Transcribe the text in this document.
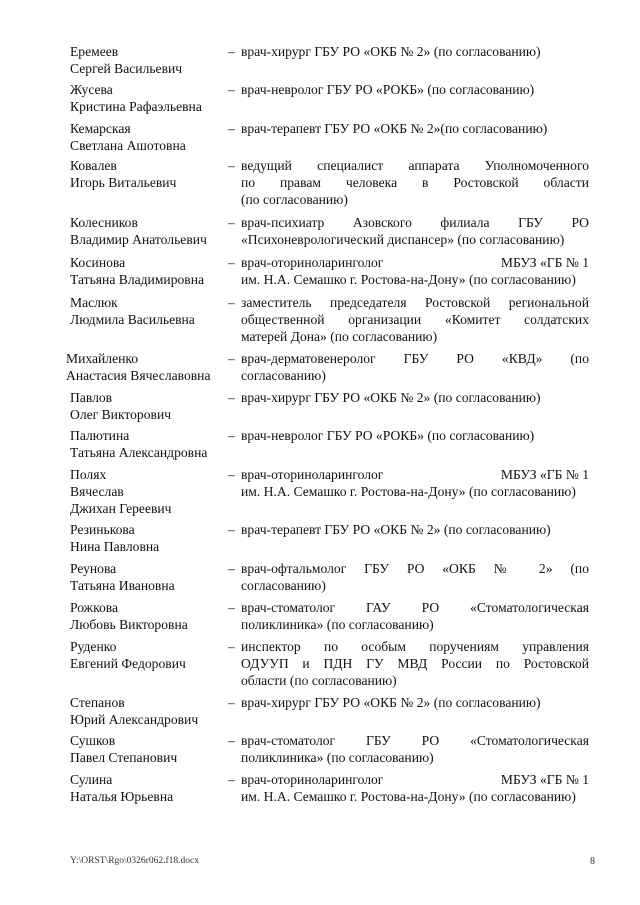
Еремеев
Сергей Васильевич
– врач-хирург ГБУ РО «ОКБ № 2» (по согласованию)
Жусева
Кристина Рафаэльевна
– врач-невролог ГБУ РО «РОКБ» (по согласованию)
Кемарская
Светлана Ашотовна
– врач-терапевт ГБУ РО «ОКБ № 2»(по согласованию)
Ковалев
Игорь Витальевич
– ведущий специалист аппарата Уполномоченного
по правам человека в Ростовской области
(по согласованию)
Колесников
Владимир Анатольевич
– врач-психиатр Азовского филиала ГБУ РО
«Психоневрологический диспансер» (по согласованию)
Косинова
Татьяна Владимировна
– врач-оториноларинголог	МБУЗ «ГБ № 1
им. Н.А. Семашко г. Ростова-на-Дону» (по согласованию)
Маслюк
Людмила Васильевна
– заместитель председателя Ростовской региональной
общественной организации «Комитет солдатских
матерей Дона» (по согласованию)
Михайленко
Анастасия Вячеславовна
– врач-дерматовенеролог ГБУ РО «КВД» (по
согласованию)
Павлов
Олег Викторович
– врач-хирург ГБУ РО «ОКБ № 2» (по согласованию)
Палютина
Татьяна Александровна
– врач-невролог ГБУ РО «РОКБ» (по согласованию)
Полях
Вячеслав
Джихан Гереевич
– врач-оториноларинголог	МБУЗ «ГБ № 1
им. Н.А. Семашко г. Ростова-на-Дону» (по согласованию)
Резинькова
Нина Павловна
– врач-терапевт ГБУ РО «ОКБ № 2» (по согласованию)
Реунова
Татьяна Ивановна
– врач-офтальмолог ГБУ РО «ОКБ № 2» (по
согласованию)
Рожкова
Любовь Викторовна
– врач-стоматолог ГАУ РО «Стоматологическая
поликлиника» (по согласованию)
Руденко
Евгений Федорович
– инспектор по особым поручениям управления
ОДУУП и ПДН ГУ МВД России по Ростовской
области (по согласованию)
Степанов
Юрий Александрович
– врач-хирург ГБУ РО «ОКБ № 2» (по согласованию)
Сушков
Павел Степанович
– врач-стоматолог ГБУ РО «Стоматологическая
поликлиника» (по согласованию)
Сулина
Наталья Юрьевна
– врач-оториноларинголог	МБУЗ «ГБ № 1
им. Н.А. Семашко г. Ростова-на-Дону» (по согласованию)
Y:\ORST\Rgo\0326r062.f18.docx	8
